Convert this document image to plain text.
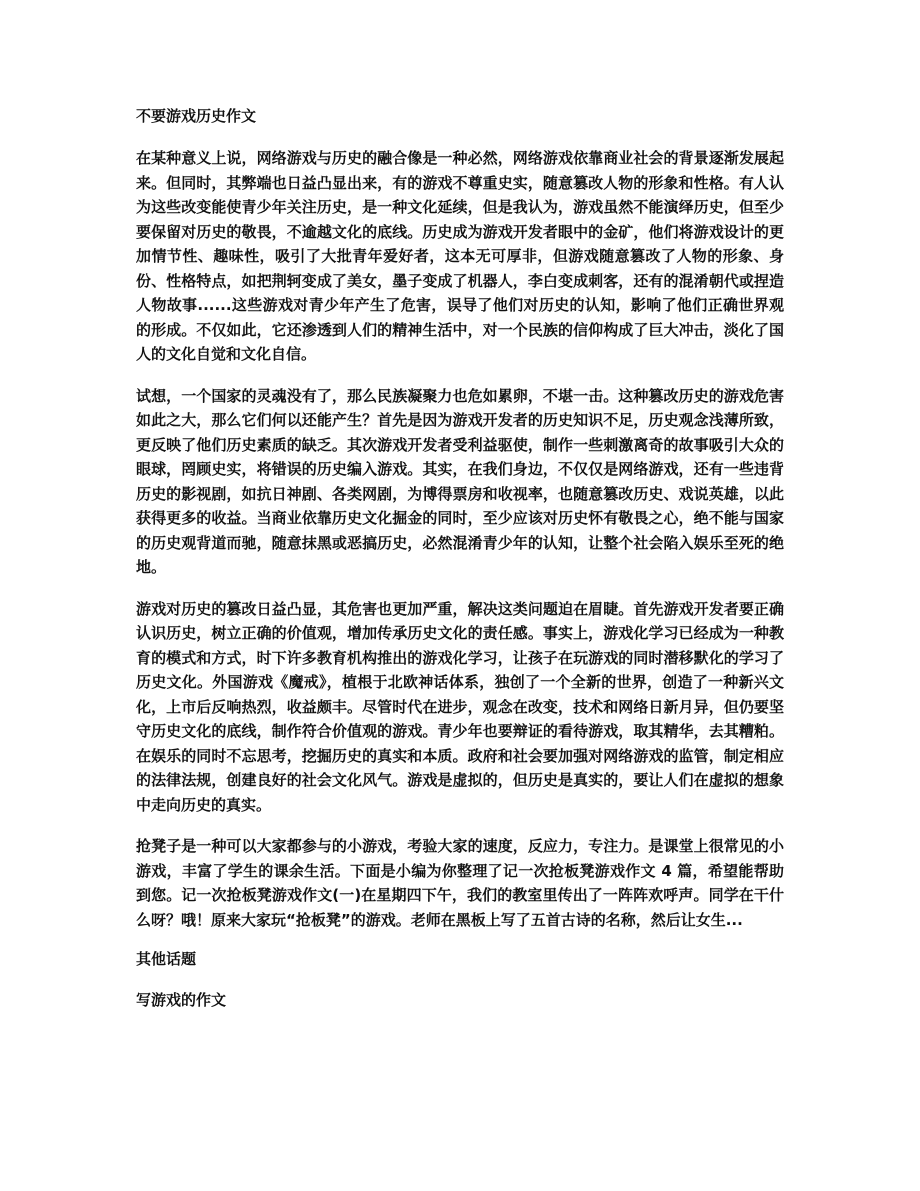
不要游戏历史作文
在某种意义上说，网络游戏与历史的融合像是一种必然，网络游戏依靠商业社会的背景逐渐发展起来。但同时，其弊端也日益凸显出来，有的游戏不尊重史实，随意篡改人物的形象和性格。有人认为这些改变能使青少年关注历史，是一种文化延续，但是我认为，游戏虽然不能演绎历史，但至少要保留对历史的敬畏，不逾越文化的底线。历史成为游戏开发者眼中的金矿，他们将游戏设计的更加情节性、趣味性，吸引了大批青年爱好者，这本无可厚非，但游戏随意篡改了人物的形象、身份、性格特点，如把荆轲变成了美女，墨子变成了机器人，李白变成刺客，还有的混淆朝代或捏造人物故事......这些游戏对青少年产生了危害，误导了他们对历史的认知，影响了他们正确世界观的形成。不仅如此，它还渗透到人们的精神生活中，对一个民族的信仰构成了巨大冲击，淡化了国人的文化自觉和文化自信。
试想，一个国家的灵魂没有了，那么民族凝聚力也危如累卵，不堪一击。这种篡改历史的游戏危害如此之大，那么它们何以还能产生？首先是因为游戏开发者的历史知识不足，历史观念浅薄所致，更反映了他们历史素质的缺乏。其次游戏开发者受利益驱使，制作一些刺激离奇的故事吸引大众的眼球，罔顾史实，将错误的历史编入游戏。其实，在我们身边，不仅仅是网络游戏，还有一些违背历史的影视剧，如抗日神剧、各类网剧，为博得票房和收视率，也随意篡改历史、戏说英雄，以此获得更多的收益。当商业依靠历史文化掘金的同时，至少应该对历史怀有敬畏之心，绝不能与国家的历史观背道而驰，随意抹黑或恶搞历史，必然混淆青少年的认知，让整个社会陷入娱乐至死的绝地。
游戏对历史的篡改日益凸显，其危害也更加严重，解决这类问题迫在眉睫。首先游戏开发者要正确认识历史，树立正确的价值观，增加传承历史文化的责任感。事实上，游戏化学习已经成为一种教育的模式和方式，时下许多教育机构推出的游戏化学习，让孩子在玩游戏的同时潜移默化的学习了历史文化。外国游戏《魔戒》，植根于北欧神话体系，独创了一个全新的世界，创造了一种新兴文化，上市后反响热烈，收益颇丰。尽管时代在进步，观念在改变，技术和网络日新月异，但仍要坚守历史文化的底线，制作符合价值观的游戏。青少年也要辩证的看待游戏，取其精华，去其糟粕。在娱乐的同时不忘思考，挖掘历史的真实和本质。政府和社会要加强对网络游戏的监管，制定相应的法律法规，创建良好的社会文化风气。游戏是虚拟的，但历史是真实的，要让人们在虚拟的想象中走向历史的真实。
抢凳子是一种可以大家都参与的小游戏，考验大家的速度，反应力，专注力。是课堂上很常见的小游戏，丰富了学生的课余生活。下面是小编为你整理了记一次抢板凳游戏作文 4 篇，希望能帮助到您。记一次抢板凳游戏作文(一)在星期四下午，我们的教室里传出了一阵阵欢呼声。同学在干什么呀？哦！原来大家玩“抢板凳”的游戏。老师在黑板上写了五首古诗的名称，然后让女生...
其他话题
写游戏的作文
